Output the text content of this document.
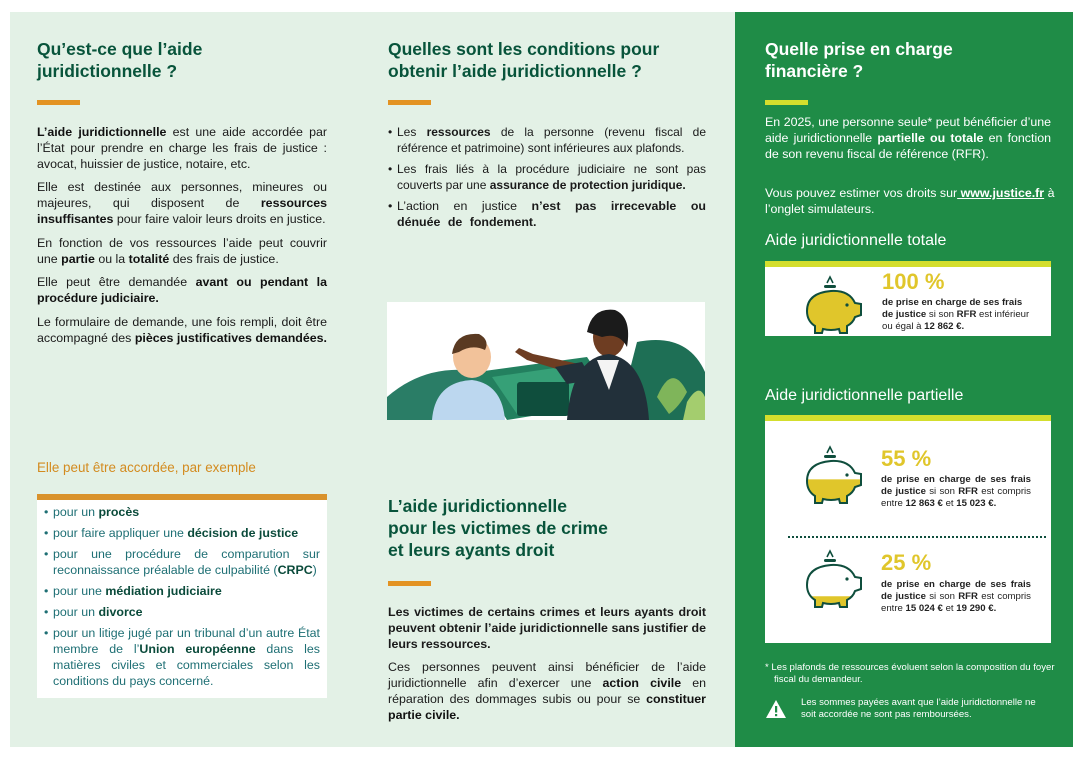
Qu’est-ce que l’aide
juridictionnelle ?
L’aide juridictionnelle est une aide accordée par l’État pour prendre en charge les frais de justice : avocat, huissier de justice, notaire, etc.
Elle est destinée aux personnes, mineures ou majeures, qui disposent de ressources insuffisantes pour faire valoir leurs droits en justice.
En fonction de vos ressources l’aide peut couvrir une partie ou la totalité des frais de justice.
Elle peut être demandée avant ou pendant la procédure judiciaire.
Le formulaire de demande, une fois rempli, doit être accompagné des pièces justificatives demandées.
Elle peut être accordée, par exemple
• pour un procès
• pour faire appliquer une décision de justice
• pour une procédure de comparution sur reconnaissance préalable de culpabilité (CRPC)
• pour une médiation judiciaire
• pour un divorce
• pour un litige jugé par un tribunal d’un autre État membre de l’Union européenne dans les matières civiles et commerciales selon les conditions du pays concerné.
Quelles sont les conditions pour
obtenir l’aide juridictionnelle ?
• Les ressources de la personne (revenu fiscal de référence et patrimoine) sont inférieures aux plafonds.
• Les frais liés à la procédure judiciaire ne sont pas couverts par une assurance de protection juridique.
• L’action en justice n’est pas irrecevable ou dénuée de fondement.
L’aide juridictionnelle
pour les victimes de crime
et leurs ayants droit
Les victimes de certains crimes et leurs ayants droit peuvent obtenir l’aide juridictionnelle sans justifier de leurs ressources.
Ces personnes peuvent ainsi bénéficier de l’aide juridictionnelle afin d’exercer une action civile en réparation des dommages subis ou pour se constituer partie civile.
Quelle prise en charge
financière ?
En 2025, une personne seule* peut bénéficier d’une aide juridictionnelle partielle ou totale en fonction de son revenu fiscal de référence (RFR).
Vous pouvez estimer vos droits sur www.justice.fr à l’onglet simulateurs.
Aide juridictionnelle totale
100 %
de prise en charge de ses frais de justice si son RFR est inférieur ou égal à 12 862 €.
Aide juridictionnelle partielle
55 %
de prise en charge de ses frais de justice si son RFR est compris entre 12 863 € et 15 023 €.
25 %
de prise en charge de ses frais de justice si son RFR est compris entre 15 024 € et 19 290 €.
* Les plafonds de ressources évoluent selon la composition du foyer fiscal du demandeur.
Les sommes payées avant que l’aide juridictionnelle ne soit accordée ne sont pas remboursées.
